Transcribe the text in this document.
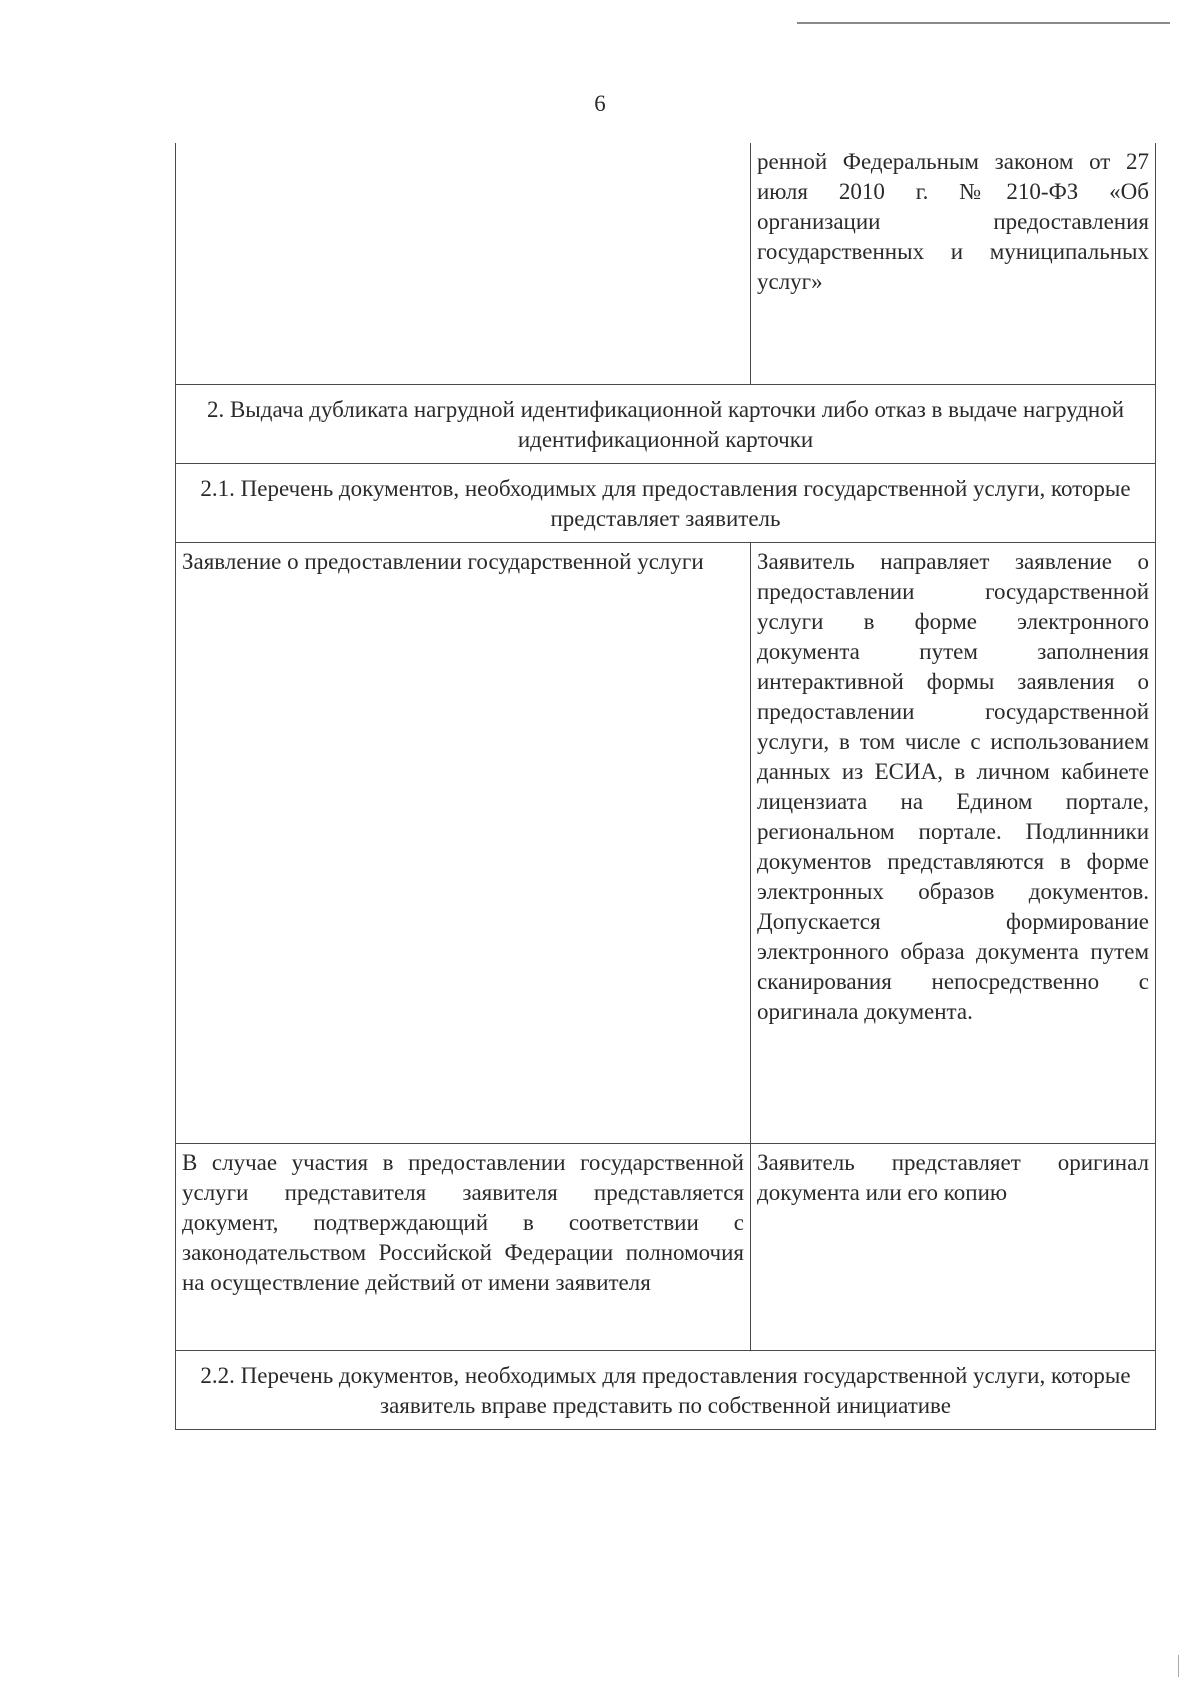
6
	ренной Федеральным законом от 27 июля 2010 г. №210-ФЗ «Об организации предоставления государственных и муниципальных услуг»
2. Выдача дубликата нагрудной идентификационной карточки либо отказ в выдаче нагрудной идентификационной карточки	
2.1. Перечень документов, необходимых для предоставления государственной услуги, которые представляет заявитель	
Заявление о предоставлении государственной услуги	Заявитель направляет заявление о предоставлении государственной услуги в форме электронного документа путем заполнения интерактивной формы заявления о предоставлении государственной услуги, в том числе с использованием данных из ЕСИА, в личном кабинете лицензиата на Едином портале, региональном портале. Подлинники документов представляются в форме электронных образов документов. Допускается формирование электронного образа документа путем сканирования непосредственно с оригинала документа.
В случае участия в предоставлении государственной услуги представителя заявителя представляется документ, подтверждающий в соответствии с законодательством Российской Федерации полномочия на осуществление действий от имени заявителя	Заявитель представляет оригинал документа или его копию
2.2. Перечень документов, необходимых для предоставления государственной услуги, которые заявитель вправе представить по собственной инициативе	
